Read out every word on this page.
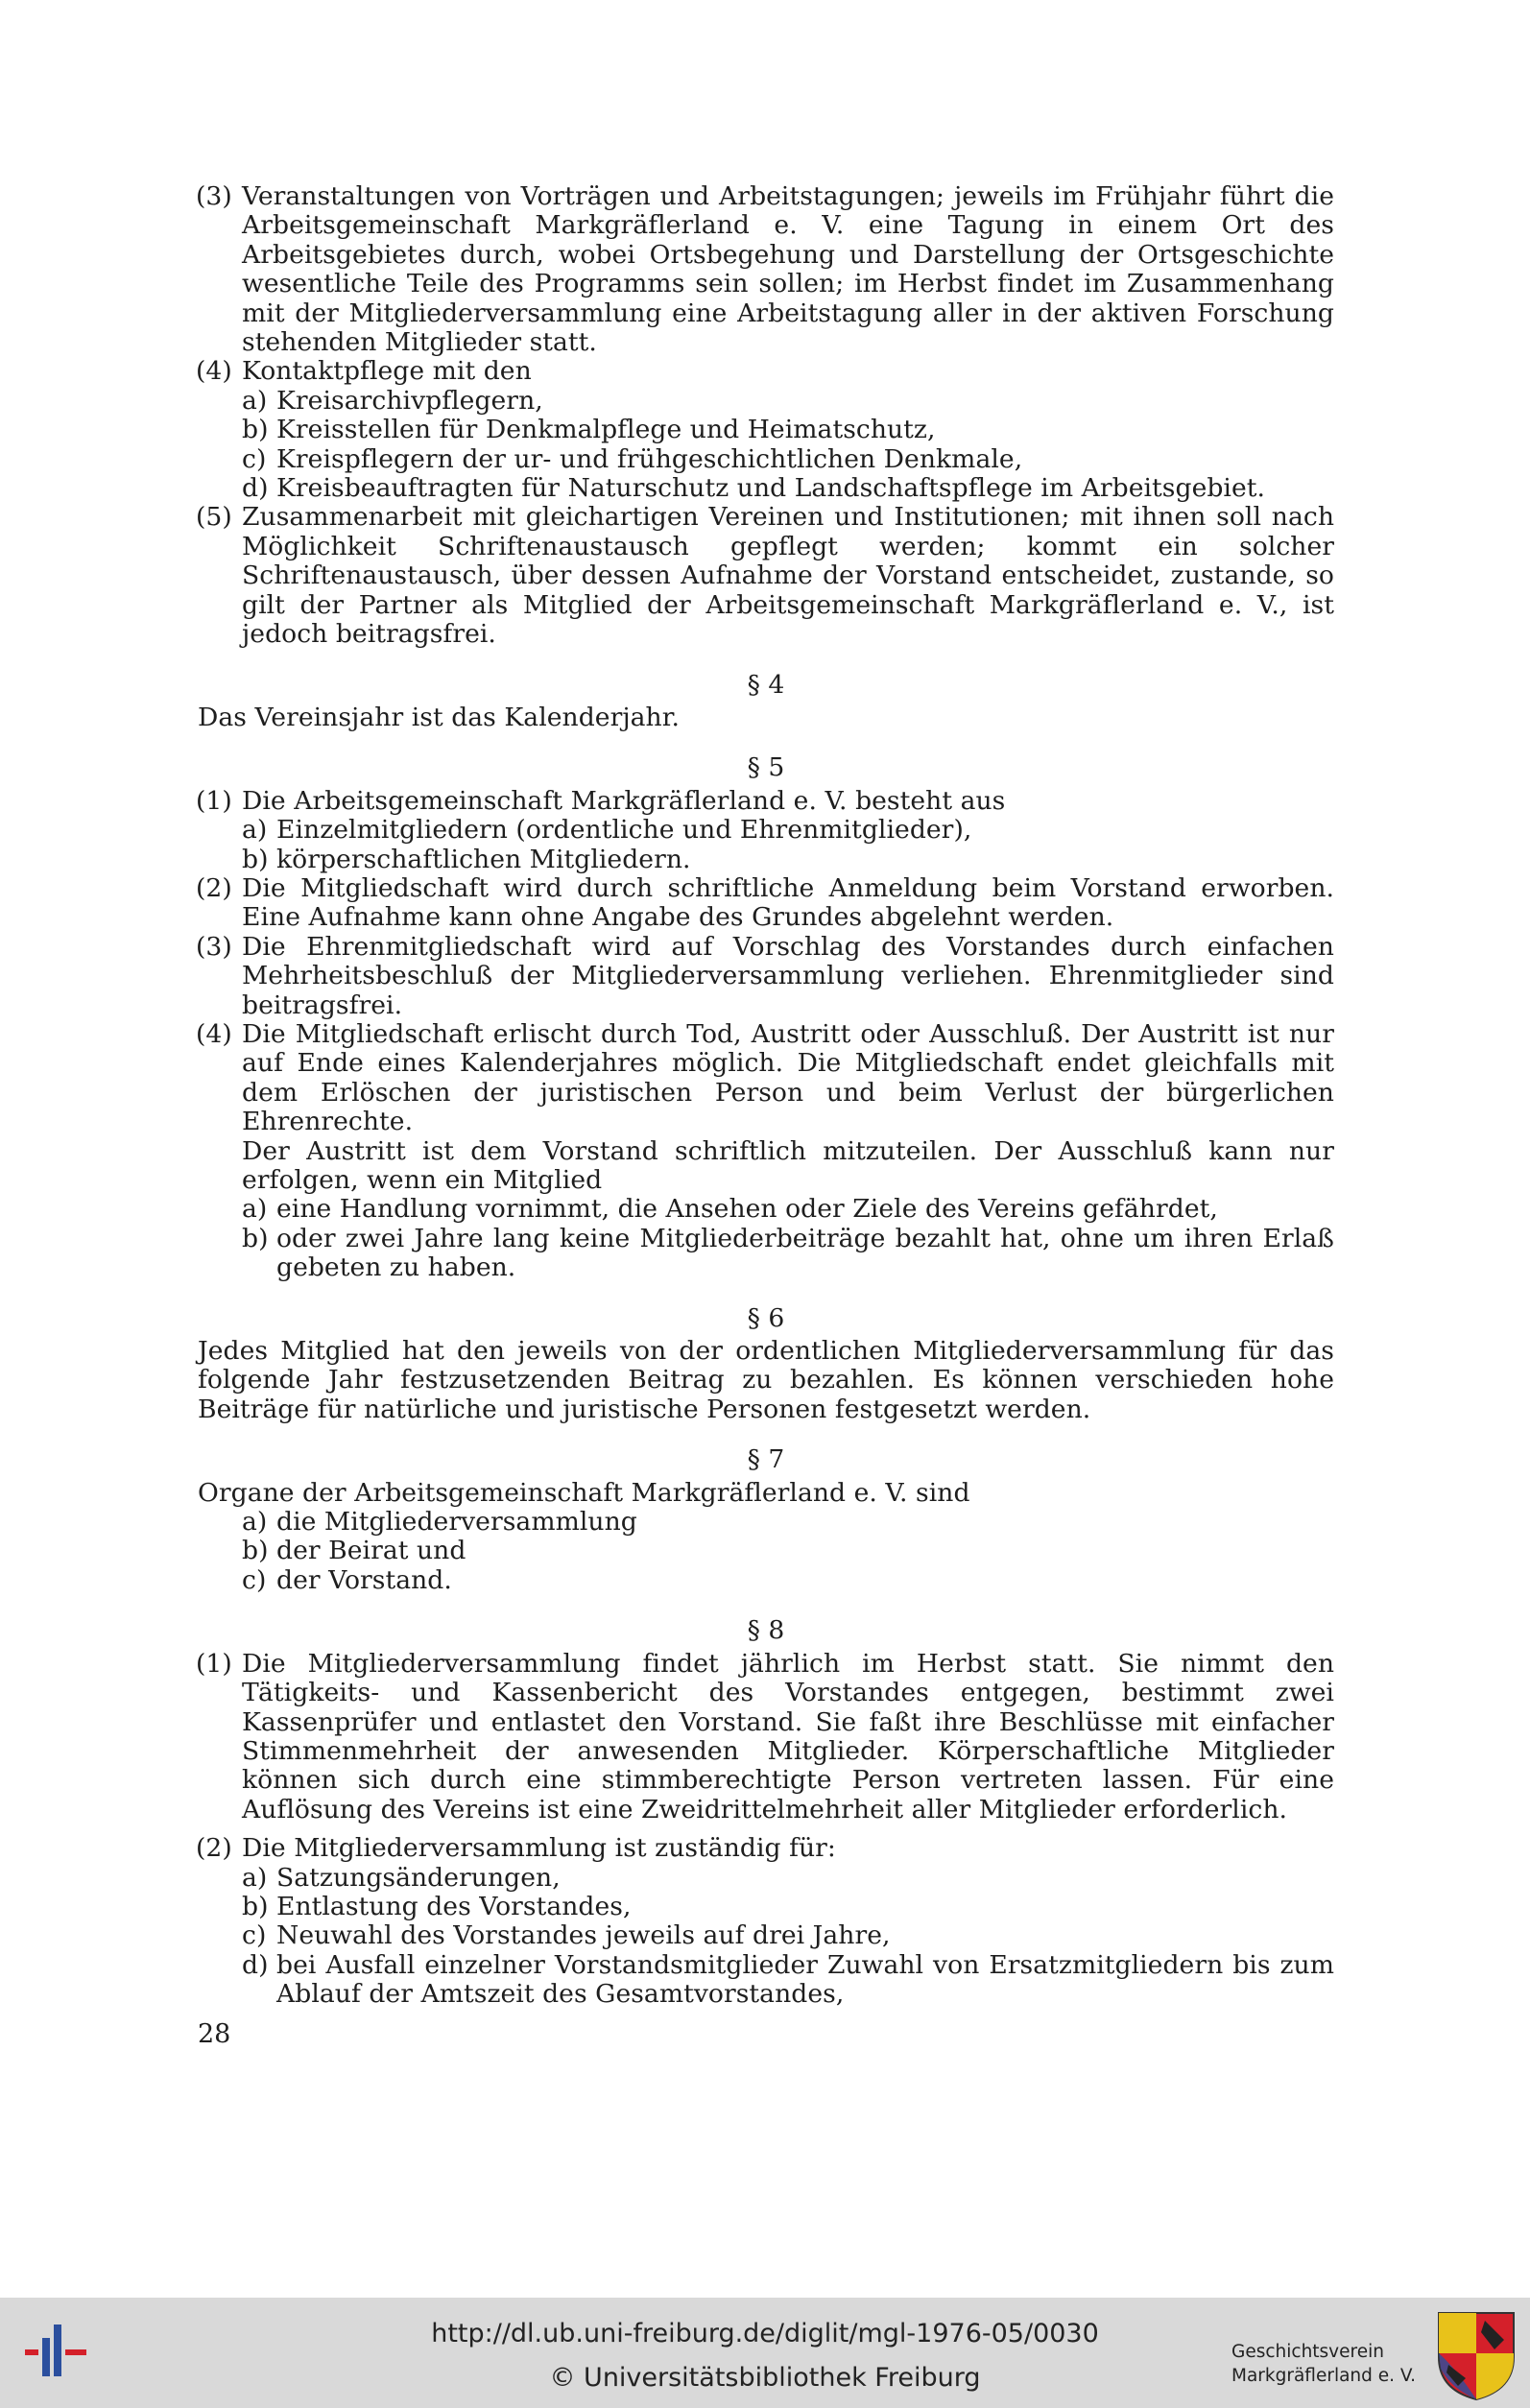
(3) Veranstaltungen von Vorträgen und Arbeitstagungen; jeweils im Frühjahr führt die Arbeitsgemeinschaft Markgräflerland e. V. eine Tagung in einem Ort des Arbeitsgebietes durch, wobei Ortsbegehung und Darstellung der Ortsgeschichte wesentliche Teile des Programms sein sollen; im Herbst findet im Zusammenhang mit der Mitgliederversammlung eine Arbeitstagung aller in der aktiven Forschung stehenden Mitglieder statt.
(4) Kontaktpflege mit den
a) Kreisarchivpflegern,
b) Kreisstellen für Denkmalpflege und Heimatschutz,
c) Kreispflegern der ur- und frühgeschichtlichen Denkmale,
d) Kreisbeauftragten für Naturschutz und Landschaftspflege im Arbeitsgebiet.
(5) Zusammenarbeit mit gleichartigen Vereinen und Institutionen; mit ihnen soll nach Möglichkeit Schriftenaustausch gepflegt werden; kommt ein solcher Schriftenaustausch, über dessen Aufnahme der Vorstand entscheidet, zustande, so gilt der Partner als Mitglied der Arbeitsgemeinschaft Markgräflerland e. V., ist jedoch beitragsfrei.
§ 4
Das Vereinsjahr ist das Kalenderjahr.
§ 5
(1) Die Arbeitsgemeinschaft Markgräflerland e. V. besteht aus
a) Einzelmitgliedern (ordentliche und Ehrenmitglieder),
b) körperschaftlichen Mitgliedern.
(2) Die Mitgliedschaft wird durch schriftliche Anmeldung beim Vorstand erworben. Eine Aufnahme kann ohne Angabe des Grundes abgelehnt werden.
(3) Die Ehrenmitgliedschaft wird auf Vorschlag des Vorstandes durch einfachen Mehrheitsbeschluß der Mitgliederversammlung verliehen. Ehrenmitglieder sind beitragsfrei.
(4) Die Mitgliedschaft erlischt durch Tod, Austritt oder Ausschluß. Der Austritt ist nur auf Ende eines Kalenderjahres möglich. Die Mitgliedschaft endet gleichfalls mit dem Erlöschen der juristischen Person und beim Verlust der bürgerlichen Ehrenrechte.
Der Austritt ist dem Vorstand schriftlich mitzuteilen. Der Ausschluß kann nur erfolgen, wenn ein Mitglied
a) eine Handlung vornimmt, die Ansehen oder Ziele des Vereins gefährdet,
b) oder zwei Jahre lang keine Mitgliederbeiträge bezahlt hat, ohne um ihren Erlaß gebeten zu haben.
§ 6
Jedes Mitglied hat den jeweils von der ordentlichen Mitgliederversammlung für das folgende Jahr festzusetzenden Beitrag zu bezahlen. Es können verschieden hohe Beiträge für natürliche und juristische Personen festgesetzt werden.
§ 7
Organe der Arbeitsgemeinschaft Markgräflerland e. V. sind
a) die Mitgliederversammlung
b) der Beirat und
c) der Vorstand.
§ 8
(1) Die Mitgliederversammlung findet jährlich im Herbst statt. Sie nimmt den Tätigkeits- und Kassenbericht des Vorstandes entgegen, bestimmt zwei Kassenprüfer und entlastet den Vorstand. Sie faßt ihre Beschlüsse mit einfacher Stimmenmehrheit der anwesenden Mitglieder. Körperschaftliche Mitglieder können sich durch eine stimmberechtigte Person vertreten lassen. Für eine Auflösung des Vereins ist eine Zweidrittelmehrheit aller Mitglieder erforderlich.
(2) Die Mitgliederversammlung ist zuständig für:
a) Satzungsänderungen,
b) Entlastung des Vorstandes,
c) Neuwahl des Vorstandes jeweils auf drei Jahre,
d) bei Ausfall einzelner Vorstandsmitglieder Zuwahl von Ersatzmitgliedern bis zum Ablauf der Amtszeit des Gesamtvorstandes,
28
http://dl.ub.uni-freiburg.de/diglit/mgl-1976-05/0030
© Universitätsbibliothek Freiburg
Geschichtsverein
Markgräflerland e. V.
